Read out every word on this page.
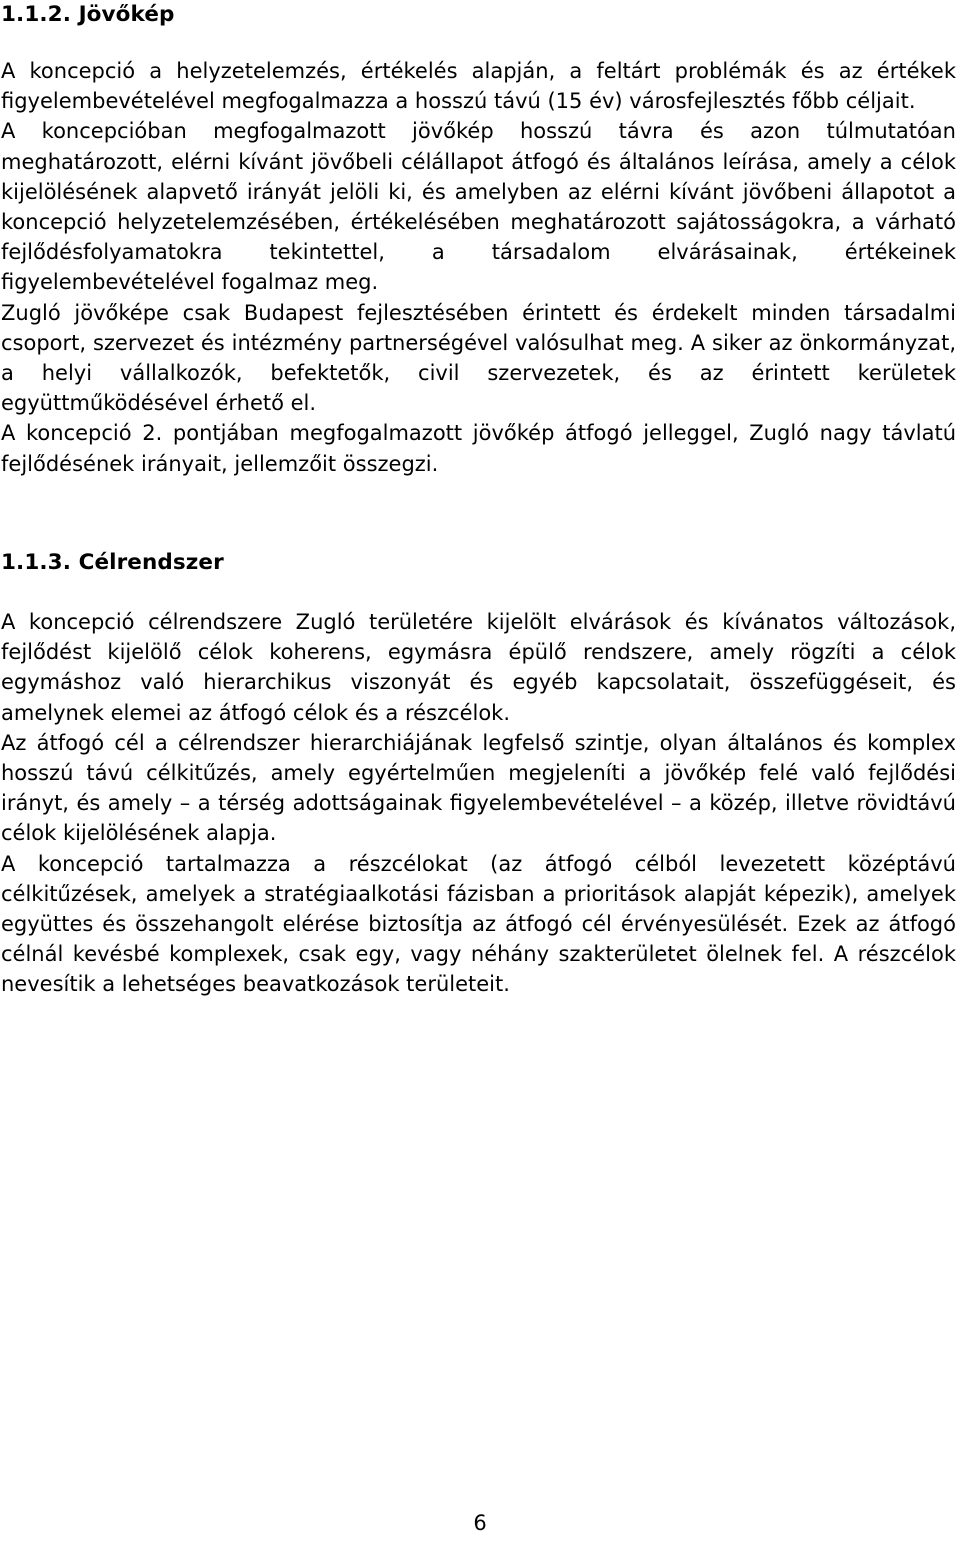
1.1.2. Jövőkép

A koncepció a helyzetelemzés, értékelés alapján, a feltárt problémák és az értékek figyelembevételével megfogalmazza a hosszú távú (15 év) városfejlesztés főbb céljait.

A koncepcióban megfogalmazott jövőkép hosszú távra és azon túlmutatóan meghatározott, elérni kívánt jövőbeli célállapot átfogó és általános leírása, amely a célok kijelölésének alapvető irányát jelöli ki, és amelyben az elérni kívánt jövőbeni állapotot a koncepció helyzetelemzésében, értékelésében meghatározott sajátosságokra, a várható fejlődésfolyamatokra tekintettel, a társadalom elvárásainak, értékeinek figyelembevételével fogalmaz meg.

Zugló jövőképe csak Budapest fejlesztésében érintett és érdekelt minden társadalmi csoport, szervezet és intézmény partnerségével valósulhat meg. A siker az önkormányzat, a helyi vállalkozók, befektetők, civil szervezetek, és az érintett kerületek együttműködésével érhető el.

A koncepció 2. pontjában megfogalmazott jövőkép átfogó jelleggel, Zugló nagy távlatú fejlődésének irányait, jellemzőit összegzi.

1.1.3. Célrendszer

A koncepció célrendszere Zugló területére kijelölt elvárások és kívánatos változások, fejlődést kijelölő célok koherens, egymásra épülő rendszere, amely rögzíti a célok egymáshoz való hierarchikus viszonyát és egyéb kapcsolatait, összefüggéseit, és amelynek elemei az átfogó célok és a részcélok.

Az átfogó cél a célrendszer hierarchiájának legfelső szintje, olyan általános és komplex hosszú távú célkitűzés, amely egyértelműen megjeleníti a jövőkép felé való fejlődési irányt, és amely – a térség adottságainak figyelembevételével – a közép, illetve rövidtávú célok kijelölésének alapja.

A koncepció tartalmazza a részcélokat (az átfogó célból levezetett középtávú célkitűzések, amelyek a stratégiaalkotási fázisban a prioritások alapját képezik), amelyek együttes és összehangolt elérése biztosítja az átfogó cél érvényesülését. Ezek az átfogó célnál kevésbé komplexek, csak egy, vagy néhány szakterületet ölelnek fel. A részcélok nevesítik a lehetséges beavatkozások területeit.

6
